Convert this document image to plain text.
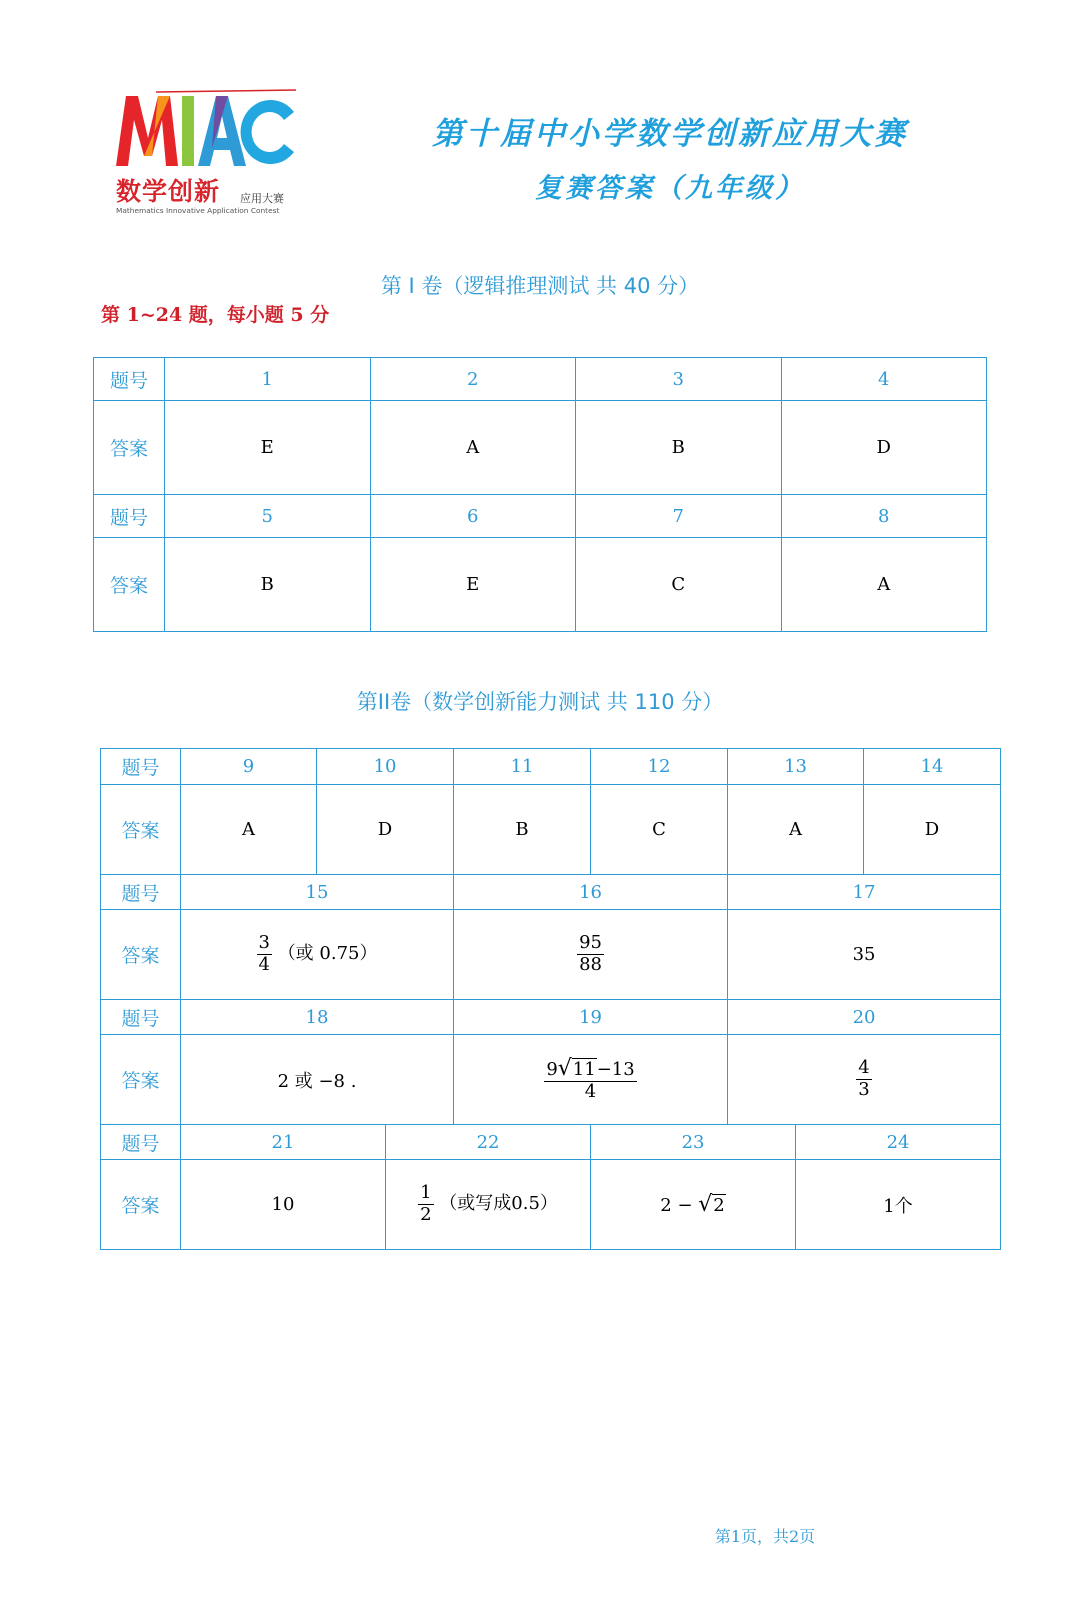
数学创新 应用大赛
Mathematics Innovative Application Contest
第十届中小学数学创新应用大赛
复赛答案（九年级）
第 I 卷（逻辑推理测试 共 40 分）
第 1~24 题，每小题 5 分
题号	1	2	3	4
答案	E	A	B	D
题号	5	6	7	8
答案	B	E	C	A
第II卷（数学创新能力测试 共 110 分）
题号	9	10		11	12	13		14
答案	A	D		B	C	A		D
题号	15			16		17		
答案	$\frac{3}{4}$ （或 0.75）			$\frac{95}{88}$		35		
题号	18			19		20		
答案	2 或 −8 .			$\frac{9√11-13}{4}$		$\frac{4}{3}$

题号	21		22		23		24	
答案	10		$\frac{1}{2}$ （或写成0.5）		2 − √2		1个	
第1页，共2页
